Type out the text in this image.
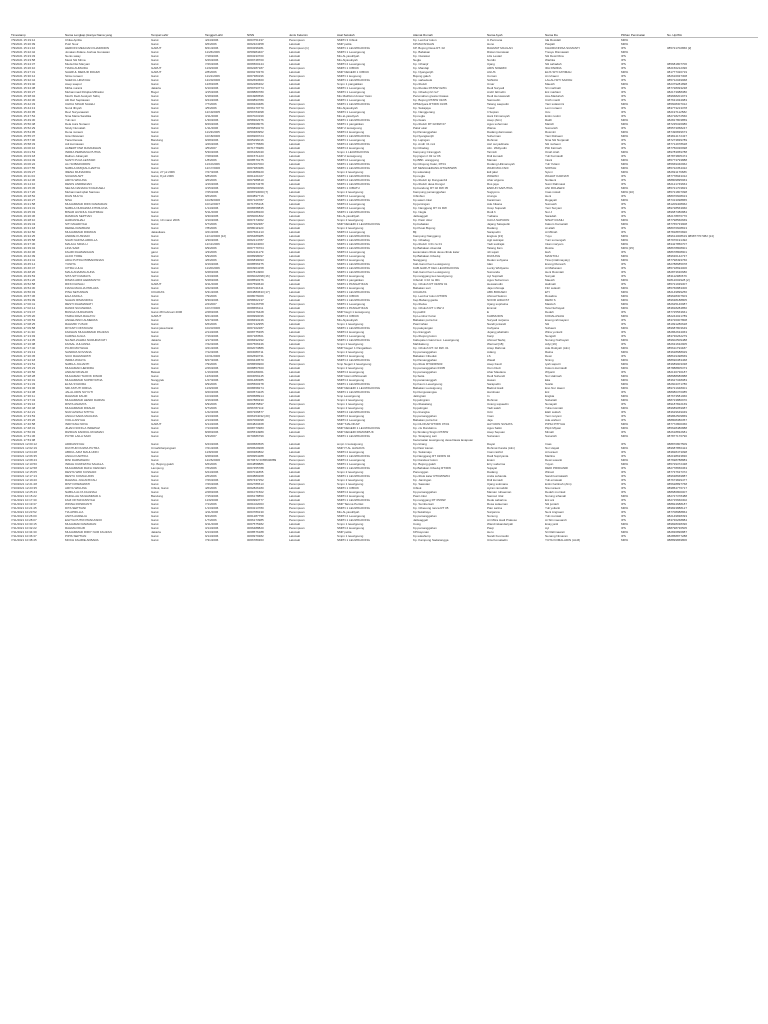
Timestamp	Nama Lengkap (Hanya Nama yang	Tempat Lahir	Tanggal Lahir	NISN	Jenis Kelamin	Asal Sekolah	Alamat Rumah	Nama Ayah	Nama Ibu	Pilihan Peminatan	No. Hp/WA
7/9/2021 15:19:12	Chika Aprilia	Garut	4/24/2006	0063751337	Perempuan	SMPN 3 Cibiuk	Kp. Lembur kolon	U.Permana	Ida Rosidah	MIPA	
7/9/2021 15:20:09	Putri Nuur	Garut	9/6/2006	0062324358	Laki-laki	SMP pelita	KP.MAYANGAN	Hono	Paujiah	MIPA	
7/9/2021 15:21:16	HERIONI MEILDAN KHAIRDDIN	GARUT	8/21/2006	0063296281	Perempuan [1]	SMPN 1 LEUWIGOONG	KP. Bojong Desa RT. 02	RAHMAT MAULAN	KHAIRUNNISA SUMANTI	IPS	085721702866 [2]
7/9/2021 15:22:42	Jonatan Zidane Joshua Gunawan	Garut	11/26/2006	0059984407	Laki-laki	SMPN 1 Leuwigoong	Kp. Babakan	Ristan Gunawan	Tresye Rismawati	MIPA	
7/9/2021 15:23:33	Nenis satay	Garut	7/18/2006	0063233700	Laki-laki	Mts Al-yasulliyah	Kp. Ciwasiat	Lilis Lestari	Siti Dewi Rina	IPS	
7/9/2021 15:23:58	Mesti Siti Mirna	Garut	6/26/2006	0069748700	Laki-laki	Mts Alyasuliyah	Negla	Nurdin	Wartika	IPS	
7/9/2021 15:24:37	Muda Dwi Maryani	Garut	7/26/2006	0066560144	Laki-laki	SMPN 2 Leuwigoong	Kp. Cihanjir	Ujang	Siti sahadah	IPS	085681807706
7/9/2021 15:26:10	TIARA AUMAIDA	GARUT	11/9/2006	0062287187	Perempuan	SMPN 1 CIBIUK	Kp. Mandaji	ARIS NOERDI	IDA PARIDA	IPS	082156212396
7/9/2021 15:27:31	SAHRUL MEDUR ROHMI	GARUT	2/8/2006	0069270379	Laki-laki	SMP NEGERI 1 CIBIUK	Kp. Nyangenjih	AGUS	ELIS SITI FATIMAH	MIPA	081777320719
7/9/2021 15:30:12	Sinta nuraeni	Garut	11/21/2006	0067380196	Perempuan	SMPN 1 leugoong	Bojong galeh	Uuman	Ai ruhaeni	IPS	082616937308
7/9/2021 15:32:44	SAEFUL HIDAYAH	Garut	12/20/2006	0062693660	Laki-laki	SMPN 1 LEUWIGOONG	Kp. sarkedeuk	SANAIA	LALAH SITI SAROH	IPS	085712049968
7/9/2021 15:33:40	Asep saepul	Garut	12/8/2005	0062286302	Laki-laki	Smpn 1 pangatikan	Kp.cibuluh	Umar	Maesih	MIPA	082379281898
7/9/2021 15:34:38	Mitha nuraini	Jakarta	6/10/2006	0059793774	Laki-laki	SMPN 1 Leuwigoong	Kp.cibodas RT/RW 02/01	Dedi Suryadi	Sri marlinah	IPS	087728093238
7/9/2021 15:36:27	Muhammad Rizqika Mifradon	Bogor	4/15/2006	0068880780	Laki-laki	SMPN 1 Leuwigoong	Kp. Cibeduj rt2 rw7	Andri fahrudin	Eni marliani	IPS	082173988380
7/9/2021 15:38:04	Mochi Dedi Auwiyeh Sidiq	Garut	6/18/2006	0064980596	Laki-laki	Mts Mathla'ul Anwar Yasin	Perumahan gresta Ciwaas	Dedi Heruswandi	Ass-Maduriah	IPS	089668201973
7/9/2021 15:40:30	Alit Dwi Septiawan	Garut	9/24/2006	0069893789	Laki-laki	SMPN 1 Leuwigoong	Kp. Bojong RT/RW 01/05	Samsudin	Cicih mardi	IPS	087631934983
7/9/2021 15:42:33	CHIKA SINAR SALEH	Garut	7/7/2006	0069320486	Perempuan	SMPN 1 LEUWIGOONG	KPMuliyara RT/RW 01/05	Tatang saepudin	Yani sulasmini	MIPA	085608307012
7/9/2021 15:44:13	Nurul Ilhiyah	Garut	4/5/2006	0066170770	Perempuan	Mts Alyasuliyah	Kp. Sukajaya	Yusuf	Leni nuraeni	IPS	083773213378
7/9/2021 15:46:05	Revi Nuryanawati	Garut	12/19/2005	0059784098	Perempuan	SMPN 1 Leuwigoong	Kp. Nanggerang	Ii Sopian	Ucu	IPS	082197112582
7/9/2021 15:47:54	Nina Maria Sandika	Garut	3/11/2006	0067023199	Perempuan	Mts al-yasuliyah	Kp.negla	Hani Firmansyah	Entin rustini	IPS	082718272560
7/9/2021 15:49:30	Yuli rani	Garut	1/30/2006	0058302376	Perempuan	SMPN 1 LEUWIGOONG	Kp.ciwaru	Asep (Alm)	Ratih	MIPA	082817803859
7/9/2021 15:50:48	Dela Aura Nuraeni	Garut	8/29/2006	0058308076	Perempuan	SMPN 1 pangatikan	Kp.cibuluh RT 02/RW 07	Agus suherman	Marsih	MIPA	087235326986
7/9/2021 15:52:29	Sindy Nurvalah	Garut	1/11/2006	0056890270	Perempuan	SMP 2 leuwigoong	Palsir ekar	Warsa	Sumarsih	IPS	085573058247
7/9/2021 15:54:05	Dena nuraeni	Garut	11/23/2005	0059383952	Perempuan	SMPN 2 leuwigoong	Kp.Pamanggahan	Dadang darmawan	Rusmini	MIPA	087496839673
7/9/2021 15:55:37	Gita Oktaviani	Garut	10/18/2006	0066969724	Perempuan	SMPN 1 LEUWIGOONG	Kp.Nyangkenjih	Suherman	Yani Rohaeni	MIPA	083814172437
7/9/2021 15:57:06	Tiara Renata	Bandung	9/28/2006	0065296016	Perempuan	SMPN 1 Leuwigoong	Kp. Lajingan	Rohmat	Nina Siti Nurjanah	IPS	087273839789
7/9/2021 15:58:33	Adi kurniawan	Garut	4/26/2006	0067775589	Laki-laki	SMPN 2 LEUWIGOONG	Kp. Andir rt1 rw1	Asri suryadinata	Siti nurlaeni	IPS	087714978628
7/9/2021 16:00:16	ALBERT DWI RAMADHAN	Garut	4/5/2007	0071776989	Laki-laki	SMPN 2 leuwigoong	Kp.Cibadag	Alm. Widiyudin	Pitit Fatimah	IPS	087750036998
7/9/2021 16:01:53	INDRA PERMANA PUTRA	Garut	5/30/2006	0066182040	Perempuan	Smpn 1 LEUWIGOONG	Kampung Ciranggah	Tarmidi	Onah Arah	MIPA	089783959788
7/9/2021 16:03:18	Raihan Julianyah	Garut	7/28/2006	0061571223	Laki-laki	SMP 2 leuwigoong	Kp.jingan rt 02 rw 06	Didi kumadi	Yuli Kurniasih	IPS	087873805474
7/9/2021 16:04:49	SANTI PUJA LESTARI	Garut	1/8/2006	0068579175	Perempuan	SMPN 2 Leuwigoong	Kp.BBK. wanggong	Maman	Iniani	MIPA	085773793888
7/9/2021 16:06:22	ALI SOBARUDDIN	Garut	11/10/2006	0062367003	Laki-laki	SMPN 1 LEUWIGOONG	Kp.Cibojong Kaler, RT01	Dudang Hilimansyah	Yuli Yuliani	MIPA	085669340962
7/9/2021 16:07:55	NABILA RIZQIAH HAPIYA	Garut	12/17/2006	0067383386	Perempuan	SMPN 1 LEUWIGOONG	KP NENGGERANG RT02/RW05	WARI MULYADI	SOPIAH	MIPA	085722354322
7/9/2021 16:09:27	IRENA MUNADIRA	Garut, 27 jul 2006	7/27/2006	0064688220	Perempuan	Smpn 2 leuwigoong	Kp.sukaratuji	Edi jalal	Syuni	MIPA	082691179686
7/9/2021 16:11:04	SUGRIAUWT	Garut, 8 juli 2006	6/8/2006	0061221027	Perempuan	SMPN 1 LEUWIGOONG	Kp.negla	WAWAN	WAHAT KARNATI	IPS	087778943312
7/9/2021 16:12:36	ARIYA WIGUNA	Garut	4/6/2006	0067988810	Laki-laki	SMPN 2 LEUWIGOONG	Kp.cibuluh kp Dunguanbil	Ahar wiguna	Nurlaeni	IPS	088809895963
7/9/2021 16:14:10	DENIS ANDRENAN	Garut	4/16/2006	0063974378	Laki-laki	SMPN 1 LEUWIGOONG	Kp.cibuluh desa Dungul	Rus jaya	Sumi Rahmawi	IPS	082121749664
7/9/2021 16:15:45	SELSA NANADA SYAHKAEH	Garut	3/15/2006	0059960096	Perempuan	SMPN 1 CIBATU	Kp.bandung RT 02 RW 05	ENDUN SAPUTRA	ANI ROHAENI	MIPA	085721703823
7/9/2021 16:17:20	Muhammad iqbal Santoso	Garut	7/25/2006	0068793060 [7]	Laki-laki	Smpn 2 leuwigoong	Kampung pamanggahan	Sugiyono	Imas rosiati	MIPA [10]	085721807098
7/9/2021 16:18:52	DIAN MULYA	Garut	9/6/2006	0063897716	Perempuan	SMPN 2 Leuwigoong	Cibinbun	Arunga	Heni	IPS	088976608913
7/9/2021 16:20:27	NISA	Garut	10/28/2006	0067120787	Perempuan	SMPN 1 LEUWIGOONG	Kp.sateir cikar	Karatiman	Rugayah	MIPA	087313098865
7/9/2021 16:21:58	MUHAMMAD RIFKI RAMADAN	Garut	10/12/2007	0071755118	Laki-laki	SMPN 2 Leuwigoong	Kp.jamingan	Ade hikana	Sumasih	IPS	081209408962
7/9/2021 16:23:31	NABILA NURAZIZA FITRILUNA	Garut	1/14/2006	0068658835	Perempuan	SMPN 2 Leuwigoong	Kp. Nanggang RT 01 RW	Ucep Supandi	Yeni Suryani	IPS	089728563960
7/9/2021 16:25:03	BINAR HUSNUL KHATIMAH	Garut	5/11/2006	0066188100	Perempuan	SMPN 1 LEUWIGOONG	Kp. Negla	Rudi.h	Nur.J	IPS	089687380884
7/9/2021 16:26:36	RAMDAN SEPTIAN	Garut	9/30/2005	0056061802	Laki-laki	Mts Al-yasulliyah	Jatiwaggeh	Yudiana	Saradah	IPS	082178876776
7/9/2021 16:28:10	HARIANSHAH	Garut, 10 maret 2006	3/10/2006	0067474062	Perempuan	Smpn 2 leuwigoong	Kp. Pasir cikur	CACA SAPUDIN	NINAT RASIH	MIPA	087798560669
7/9/2021 16:29:43	SITI MAHDIYAH	Garut	6/7/2006	0067362387	Perempuan	SMP NEGERI 2 LEUWIGOONG	Kp.babakan	Jajang Satapudin	Kakum Kamariah	MIPA	087765733908
7/9/2021 16:31:18	DEDEH RAMDANI	Garut	7/8/2006	0058011920	Laki-laki	Smpn 2 leuwigoong	Kp.Pusat Bojong	Dadang	Ai aliah	IPS	088976608813
7/9/2021 16:32:50	MUHAMMAD RIDWAN	Jakasikare	3/21/2006	0067601213	Laki-laki	SMPN 2 Leuwigoong	Blj	Sarapudin	Ai Milnah	IPS	087818870820
7/9/2021 16:34:25	ANDRE KUSNADI	Garut	12/13/2006 [12]	0056486985	Laki-laki	SMPN 1 LEUWIGOONG	Kampung Nanggang	Engkus [13]	Yuyu	MIPA	089614008619 089877707382 [14]
7/9/2021 16:35:58	SILMI NAFISA ARDILLA	Garut	4/30/2006	0062214787	Perempuan	SMPN 1 LEUWIGOONG	Kp. Cibadag	Agit sukrajat	Yuni sumengah	MIPA	087976191492
7/9/2021 16:37:30	MAULIA SIDIA H	Garut	12/11/2006	0061924063	Perempuan	SMPN 1 LEUWIGOONG	Kp.cibuluh rt 01 rw 01	Yadi sudrajat	Intan maryam	MIPA	083427856707
7/9/2021 16:39:04	LINA SARI	Garut	9/9/2006	0067779764	Perempuan	SMPN 1 LEUWIGOONG	Kp.Babakan cikendal	Tatang Ilam	Rosita	MIPA [15]	088678808901
7/9/2021 16:40:36	FAHRI RAHMADHAN	garut	4/3/2006	0062241179	Laki-laki	SMPN 2 Leuwigoong	kecamatan cibiuk desa cibiuk kaler	nili sujati	ikah	IPS	088678808901
7/9/2021 16:42:09	ALDO TORE	Garut	6/9/2006	0068998097	Laki-laki	SMPN 2 Leuwigoong	Kp.Babakan Cibeduj	DUDUNG	MASITOH	MIPA	089636142737
7/9/2021 16:43:41	ADIA PUTRA PRIBADISNAN	Garut	4/6/2006	0066839093	Perempuan	SMPN 2 leuwigoong	Nanggeng	Deden suhyana	Tina (nitahmayaty)	MIPA	087798493766
7/9/2021 16:45:14	YUNITA	Garut	9/19/2006	0068556375	Perempuan	SMPN 1 LEUWIGOONG	Kab.Garut Kec.Leuwigoong	Idan	Enong Runesih	IPS	082788685978
7/9/2021 16:46:47	CITRA LULIA	Garut	11/20/2006	0063964158	Perempuan	SMPN 1 LEUWIGOONG	KAB.GARUT KEC.LEUWIGOONG	Lucky Widiyanto	Ai Mahanani	IPS	085718694006
7/9/2021 16:48:20	MAULANAZMA AUNA	Garut	6/28/2006	0067814960	Perempuan	SMPN 1 LEUWIGOONG	Kab.Garut Kec.Leuwigoong	Sumanda	Heni Rusmiati	IPS	082873630680
7/9/2021 16:49:53	SITA SITI DAMAYA	Garut	1/23/2006	0066022098 [16]	Perempuan	SMPN 2 leuwigoong	Kp.nanggang kec.leuwigoong	Ayi Supriadi	Sunyati	IPS	083112980679
7/9/2021 16:51:26	DIMAS ARDI HERMANTO	Garut	5/28/2006	0068590376	Laki-laki	SMPN 1 pangatikan	Cibuluh rt 02 rw 001	Agus Suherman	Maesih	MIPA	82812002928 [2]
7/9/2021 16:52:58	RIFKI FAISALI	GARUT	9/11/2006	0067590640	Laki-laki	SMPN 1 PANGATIKAN	Kp. Cibuluh RT 01/RW 01	Heswarudin	Halimah	IPS	085721939307
7/9/2021 16:54:30	FIANA MAULIA PRILAFA	Garut	3/22/2006	0067041611	Perempuan	SMPN 1 leuwigoong	Babakan sari	Jaja rohmaja	Fitri sulastri	MIPA	085766883306
7/9/2021 16:56:03	PINA SETIAWAN	CICADAS	6/31/2006	0064883633 [17]	Laki-laki	SMPN 1 LEUWIGOONG	CICADAS	ABK.BODAEN	ETI	MIPA	082149899256
7/9/2021 16:57:36	EGA FADILA	Garut	7/9/2006	0068076009	Perempuan	SMPN 2 CIBIUK	Kp. Lembur kolon RT/RW	Ahmad Sukron	Rosalina	MIPA	089628307603
7/9/2021 16:59:09	SAHAN RIMANDIKA	Garut	8/30/2006	0058662137	Laki-laki	SMPN 1 LEUWIGOONG	Kep.Babang garde	NOOR HIDAYAT	DEWI S	MIPA	089638188805
7/9/2021 17:00:41	RESTI RAHMAWATI	Garut	2/2/2007	0070126758	Perempuan	SMPN 1 Leuwigoong	Kp.cibelue	Ujang supriatna	Masitoh	MIPA	082625146987
7/9/2021 17:02:14	DANDI SUGIWARA	Garut	10/17/2006	0068656111	Laki-laki	SMPN 1 PANGATIKAN	Kp. Cibuluh RT 1 RW 2	Emmal	Teta Nurhayati	MIPA	083818284850
7/9/2021 17:03:47	BUNGA NURAINIJIN	Garut 28 Februari 2006	2/28/2006	0063276428	Perempuan	SMP Negri 1 leuwigoong	Kp.patihil	E	Dedeh	IPS	087725563661
7/9/2021 17:05:20	TAMIA RAVA RAHAYU	GARUT	8/21/2006	0069990036	Perempuan	SMPN 2 CIBIUK	Kp.Lembur Kolon	KARMUDIN	KODALASAIH	MIPA	082244021789
7/9/2021 17:06:53	ANGELINNO ALMERAS	Garut	6/27/2006	0068493246	Perempuan	Mts Alyasuliyah	Babakan putra bui	Suryadi nurjama	Eneng rahmayani	IPS	083726007808
7/9/2021 17:08:25	RAHMID YUSUF	Garut	6/6/2006	0067142955	Laki-laki	Smpn 1 leuwigoong	Pasir lahan	Nandi juniandi	Siti	IPS	081991280628
7/9/2021 17:09:58	RIYANTI OKTAVIANI	Garut jawa barat	10/23/2006	0067102287	Perempuan	SMPN 1 LEUWIGOONG	Kp.paleyangan	Cahyana	Suhaeni	MIPA	089687803649
7/9/2021 17:11:30	FARHAN MUHAMMAD PAUZAN	Garut	2/14/2006	0068775365	Laki-laki	SMPN 2 leuwigoong	Kp.ciranggah	Jujang jabahalin	Wina yuniarti	IPS	082862634063
7/9/2021 17:13:03	KARINA AULIA	Garut	7/16/2006	0067183501	Perempuan	SMPN 1 Leuwigoong	Kp.cibojong kolon	Kanji	Nengsih	IPS	083736262279
7/9/2021 17:14:35	NAJWA ZAHRA NURHIDAYATI	Jakarta	4/17/2006	0068492292	Perempuan	SMPN 1 LEUWIGOONG	Kabupaten Garut kec. Leuwigoong	Ahmad Taufiq	Nurung Nurhayati	MIPA	089602509488
7/9/2021 17:16:08	FAISAL JULIANSA	Garut	7/22/2006	0067566346	Laki-laki	Smpn 2 leuwigoong	Mahitakung	Wernad [18]	Adyi [19]	IPS	082631632905
7/9/2021 17:17:40	PUJRI MUTHIAH	Garut	3/21/2006	0062073886	Perempuan	SMP Negeri 1 Pangatikan	Kp. Cibuluh RT. 02 RW. 01	Ariep Rahmat	Ade Rukiyah (Alm)	MIPA	085611793487
7/9/2021 17:19:13	SANDRA NOVIANA	Garut	7/12/2006	0063089711	Perempuan	Smpn 2 leuwigoong	Kp.pamanggahan	Adang	Ratna	MIPA	083628688929
7/9/2021 17:20:45	SUCI RAHMAWATI	Garut	10/31/2006	0062690731	Perempuan	SMPN 2 leuwigoong	Babakan Cibeduk	LS	Dewi	IPS	088619498669
7/9/2021 17:22:18	INDRA WIJAYA	Garut	8/27/2006	0069440570	Laki-laki	SMPN 2 LEUWIGOONG	Kp.Pamanggahan	Wasid	Nining	MIPA	088690383468
7/9/2021 17:23:51	NABILA JULIANTI	Garut	7/9/2006	0058659900	Perempuan	Smp Negeri 2 leuwigoong	Kp.cibiuk RT02/RW03	Asep Fauzi	Iyah saputri	MIPA	083689903338
7/9/2021 17:25:23	MUHAMAD HENDRA	Garut	2/26/2006	0068857660	Laki-laki	Smpn 2 leuwigoong	Kp.pamanggahan 03/05	Oum Dudi	Kokom kurniasih	MIPA	087888805373
7/9/2021 17:26:56	ANDAR RINALDI	Bekasi	1/19/2006	0066180061	Laki-laki	SMPN 2 leuwigoong	Kp.pamanggahan	Ahar Maulana	Wiyanti	IPS	082130730187
7/9/2021 17:28:28	MUHAMAD TAOFIK DINUR	Garut	12/6/2006	0063059145	Laki-laki	SMP Islam Alhilmanah	Kp.Setia	Dedi Suhendi	Nur Halimah	MIPA	088688686888
7/9/2021 17:30:01	MUHAMMAD SUPRIYATNA	Nanggrek	1/27/2006	0061480385	Laki-laki	SMPN 2 leuwigoong	Kp.panamanggah	Hasan	Eka	MIPA	083627348083
7/9/2021 17:31:33	ELSA SYAKIRA	Garut	9/9/2006	0065560378	Perempuan	SMPN 1 LEUWIGOONG	Kp.Kaum Leuwigoong	Sarapudin	Suslio	MIPA	082604371786
7/9/2021 17:33:06	SRI ASTUTI DIRGA	Garut	11/9/2006	0068658274	Perempuan	SMP NEGERI 1 LEUWIGOONG	Babakan Leuwigoong	Badnul Hadi	Eno Nur Haeni	MIPA	089721948001
7/9/2021 17:34:38	JALALUDIN SUYUTI	Garut	9/20/2006	0060574225	Laki-laki	SMPN 1 LEUWIGOONG	Kp.Dunguwangsa	Hambuan	Eni	IPS	088980370085
7/9/2021 17:36:11	RAHMAD FAUZI	Garut	10/4/2006	0059588914	Laki-laki	Smp Leuwigoong	Jatingrain	In	Engkia	MIPA	087673581966
7/9/2021 17:37:43	MUHAMMAD HENDI DARMA	Garut	3/16/2006	0067889330	Laki-laki	Smpn 2 leuwigoong	Kp.jatingrain	Rohmat	Sobariah	MIPA	088723880970
7/9/2021 17:39:16	RISTA ANAMYA	Garut	6/9/2006	0066875897	Perempuan	Smpn 1 leuwigoong	Kp.cibasatang	Ucang supaedin	Nonayah	IPS	089187822169
7/9/2021 17:40:48	MUHAMMAD RIFALDI	Garut	6/7/2006	0056787119	Laki-laki	Smpn 2 leuwigoong	Kp.jatingan	Yadi saleh	Yulia rusmiati	MIPA	089689059987
7/9/2021 17:42:21	NUR AZIZAH SITITIA	Garut	1/22/2006	0067206877	Perempuan	SMPN 2 LEUWIGOONG	Kp.cinangka	Ucin	Elah sukiah	IPS	083629649049
7/9/2021 17:43:53	ANGGI SARA MAULIDA	Garut	4/13/2006	0066154032 [20]	Perempuan	SMPN 2 leuwigoong	Kp.pamanggahan	Iman	Yeni nuryani	IPS	089862509869
7/9/2021 17:45:26	VIOLA AISYAH	Garut	2/13/2006	0067060098	Perempuan	SMPN 2 Leuwigoong	Babakan putra bui	Jaja	Ade wahuni	IPS	088808380357
7/9/2021 17:46:58	INDIYANA NOVA	GARUT	6/14/2006	0064823468	Perempuan	SMP TJALOKAP	Kp.CILOKAP RT/RW 07/01	HAYUDIN SUSATA	PIPIH PITIYAH	MIPA	087772800366
7/9/2021 17:48:31	JIHAN NOFFLA INDEPAZ	Garut	7/13/2006	0068773983	Perempuan	SMP NEGERI 1 LEUWIGOONG	Kp. cis Rundalmo	Agus Salim	Piipit Miyasi	MIPA	085628480888
7/9/2021 17:50:03	RIZIDAN FADRUL ROHMAN	Garut	8/28/2006	0065534989	Laki-laki	SMP NEGERI PAMUMPUK	Kp.Sindang Singin RT/RW	Asep Sepuan	Mimah	IPS	082618832681
7/9/2021 17:51:36	PUTRI LAILA SARI	Garut	6/3/2007	0070686799	Perempuan	SMPN 1 LEUWIGOONG	Kp. Sinapang sari	Surianam	Sunarsih	MIPA	087877176790
7/9/2021 17:53:08							Kecamatan leuwigoong desa Dawa lavapuan				
7/10/2021 12:00:12	ADRIANSYAH	Garut	6/23/2006	0069583565	Laki-laki	smpn 1 leuwigoong	Kp.ciciang	Dayat	Imas	IPS	088870807509
7/10/2021 12:02:19	DUNTUR DUWIA PUTRA	Cimahi/tanjungsari	7/21/2006	0059529968	Laki-laki	SMP IT AL HANANS	Kp.Pasir kanan	Rohmat Kanda (Alm)	Nur Hayati	MIPA	089687856424
7/10/2021 12:04:28	ABDUL AZIZ MAULUDIN	Garut	11/8/2006	0069383802	Laki-laki	SMPN 2 leuwigoong	Kp. Sukamaju	Iman rashid	Ai kuraeti	IPS	083828473098
7/10/2021 12:06:35	ANGGI KARTIKA	Garut	9/28/2006	0059954288	Perempuan	SMPN 1 LEUWIGOONG	Kp.Nanggang RT 02/RW 04	Dadi Supriyanta	Marlina	IPS	082198633830
7/10/2021 12:08:43	RINI DARMAWAN	Garut	12/26/2006	0070672 0065646889	Perempuan	SMPN 2 Leuwigoong	Kp.Ciandeur kolon	Enam	Dewi susanti	MIPA	087698788883
7/10/2021 12:10:50	INDAH KURNIATIA SAHALA	Kp. Bojong galeh	6/6/2006	0064858886	Perempuan	SMPN 1 Leuwigoong	Kp. Bojong galeh	Erry sudarma	Yuyun	MIPA	085729372438
7/10/2021 12:12:58	MUHAMMAD RAFLI KENCEN	Lampung	7/6/2006	0067455788	Laki-laki	SMPN 1 LEUWIGOONG	Kp.Babakan Cibeduj RT/RW	Sujayat	DEDI PRIDIANRI	IPS	082778656363
7/10/2021 12:15:05	DESTA WIDI KUSNADI	Garut	6/24/2006	0067011865	Laki-laki	Smpn 2 leuwigoong	Panunggan	Dadang	Winaci	IPS	087737637372
7/10/2021 12:17:13	RESTU KOMALUDIN	Garut	2/6/2006	0063880268	Laki-laki	SMPN 1 LEUWIGOONG	Kp.cibiuk kaler RT03/RW04	Anda suhanda	Sandi kurnialasih	IPS	089638669887
7/10/2021 12:19:20	RAHMAL JULIANSYAH	Garut	7/26/2006	0057437252	Laki-laki	Smpn 2 leuwigoong	Kp. Jamingan	Didi kumadi	Yuli ernawati	IPS	087673829477
7/10/2021 12:21:28	RISTI RISMAWATI	Garut	7/26/2006	0062786513	Perempuan	Smpn 1 leuwigoong	Kp. Sawutan	Ujang sukmana	Entin hartinah (Alm)	IPS	085628897768
7/10/2021 12:23:35	ARIYA WIGUNA	Cibiuk, Garut	4/6/2006	0062826180	Laki-laki	SMPN 1 CIBIUK	Cibiuk	Ayran ramuddin	Nia nuraeni	IPS	089854776717
7/10/2021 12:25:43	NABILA ALYA FAUZIAH	Garut	2/28/2006	0061071502	Perempuan	SMPN 2 leuwigoong	Kp.pamanggahan	Maman ruhaeman	Dedeh murniati	IPS	088686800007
7/11/2021 10:15:22	PADILLAH MUHAMMAD A	Bandung	7/15/2006	0066178850	Laki-laki	SMPN 2 leuwigoong	Pasir cikur	Samsul rizal	Nurung sihanah	MIPA	082727378488
7/11/2021 10:17:30	FAIZ OKTAFIANSYAH	Garut	11/9/2006	0060993777	Laki-laki	SMPN 1 LEUWIGOONG	Kp.nanggang RT 05/RW	Dede sabarina	Eni ani	IPS	082715660302
7/11/2021 10:19:37	WINNA ROSDIANTI	Garut	7/1/2006	0061022063	Perempuan	SMP Taruna Pertiwi	Kp. Sumbersari	Rosa sulaeman	Siti juniarti	IPS	088824688187
7/11/2021 10:21:45	DITA SEPTIANI	Garut	1/13/2006	0063213780	Perempuan	SMPN 1 LEUWIGOONG	Kp. Cibeuung ranca RT 05	Pian sarina	Yuli yulianti	MIPA	089823888127
7/11/2021 10:23:52	TIA APRILLIA	Garut	4/11/2006	0063789130	Perempuan	Mts Al-yasulliyah	Kp.Sukahayu	Sunjanna	Neni Angraeni	IPS	087708988864
7/11/2021 10:26:00	ANITA AURELIA	Garut	8/4/2006	0061287758	Perempuan	SMPN 2 Leuwigoong	Kp.pamanggahan	Nunung	Yuli rosmiati	IPS	082149838393
7/11/2021 10:28:07	EGITIA PUTRI PRAKASDO	Garut	1/7/2006	0066173985	Perempuan	SMPN 1 LEUWIGOONG	Jatiwaggeh	Ari Mitra Hadi Prakoso	Ai Siti maesaroh	IPS	083736268884
7/11/2021 10:30:15	MUHAMAD RAMADAN	Garut	9/11/2006	0067575382	Laki-laki	Smpn 1 leuwigoong	Cusig	Wandi iskandariyah	Enay janti	MIPA	089828038396
7/11/2021 10:32:22	RAHMA PAUZI	Garut	3/14/2006	0066488820	Perempuan	SMPN 2 leuwigoong	Kp.pamanggahan	Pauji	Ayi	IPS	088798736505
7/11/2021 10:34:30	MUHAMMAD RIRIY NUR FAUZAN	Jakarta	6/13/2006	0068576188	Laki-laki	SMP pelita	KP.bayunan	Heru	Sri Rahmawati	MIPA	082836896887
7/11/2021 10:36:37	PIPIS SEPTIAN	Garut	9/14/2006	0069979382	Laki-laki	Smpn 1 leuwigoong	Kp.sukahurip	Nandi Kusmudin	Nenang Nimaran	IPS	082858877288
7/11/2021 10:38:45	MOCH FAHRIE AKBARA	Garut	7/31/2006	0066789363	Laki-laki	SMPN 1 LEUWIGOONG	Kp. Kampung Sadarangga	Urta Komaladin	YUTA KOMALADIN (ALM)	MIPA	088899869806
